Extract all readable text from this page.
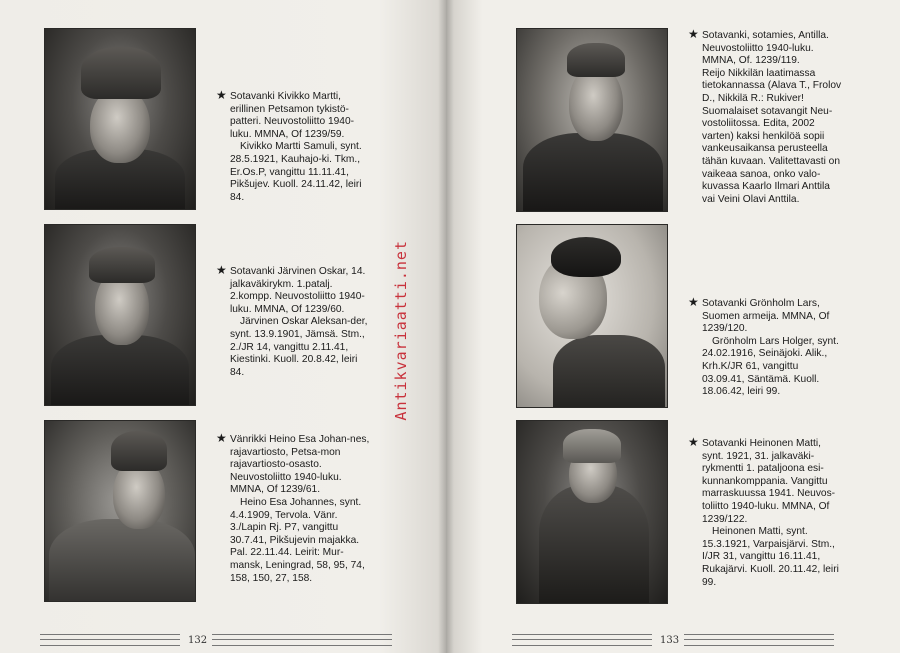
★ Sotavanki Kivikko Martti, erillinen Petsamon tykistö-patteri. Neuvostoliitto 1940-luku. MMNA, Of 1239/59.

Kivikko Martti Samuli, synt. 28.5.1921, Kauhajo-ki. Tkm., Er.Os.P, vangittu 11.11.41, Pikšujev. Kuoll. 24.11.42, leiri 84.

★ Sotavanki Järvinen Oskar, 14. jalkaväkirykm. 1.patalj. 2.kompp. Neuvostoliitto 1940-luku. MMNA, Of 1239/60.

Järvinen Oskar Aleksan-der, synt. 13.9.1901, Jämsä. Stm., 2./JR 14, vangittu 2.11.41, Kiestinki. Kuoll. 20.8.42, leiri 84.

★ Vänrikki Heino Esa Johan-nes, rajavartiosto, Petsa-mon rajavartiosto-osasto. Neuvostoliitto 1940-luku. MMNA, Of 1239/61.

Heino Esa Johannes, synt. 4.4.1909, Tervola. Vänr. 3./Lapin Rj. P7, vangittu 30.7.41, Pikšujevin majakka. Pal. 22.11.44. Leirit: Mur-mansk, Leningrad, 58, 95, 74, 158, 150, 27, 158.

★ Sotavanki, sotamies, Antilla. Neuvostoliitto 1940-luku. MMNA, Of. 1239/119.

Reijo Nikkilän laatimassa tietokannassa (Alava T., Frolov D., Nikkilä R.: Rukiver! Suomalaiset sotavangit Neu-vostoliitossa. Edita, 2002 varten) kaksi henkilöä sopii vankeusaikansa perusteella tähän kuvaan. Valitettavasti on vaikeaa sanoa, onko valo-kuvassa Kaarlo Ilmari Anttila vai Veini Olavi Anttila.

★ Sotavanki Grönholm Lars, Suomen armeija. MMNA, Of 1239/120.

Grönholm Lars Holger, synt. 24.02.1916, Seinäjoki. Alik., Krh.K/JR 61, vangittu 03.09.41, Säntämä. Kuoll. 18.06.42, leiri 99.

★ Sotavanki Heinonen Matti, synt. 1921, 31. jalkaväki-rykmentti 1. pataljoona esi-kunnankomppania. Vangittu marraskuussa 1941. Neuvos-toliitto 1940-luku. MMNA, Of 1239/122.

Heinonen Matti, synt. 15.3.1921, Varpaisjärvi. Stm., I/JR 31, vangittu 16.11.41, Rukajärvi. Kuoll. 20.11.42, leiri 99.

132	133
Antikvariaatti.net
